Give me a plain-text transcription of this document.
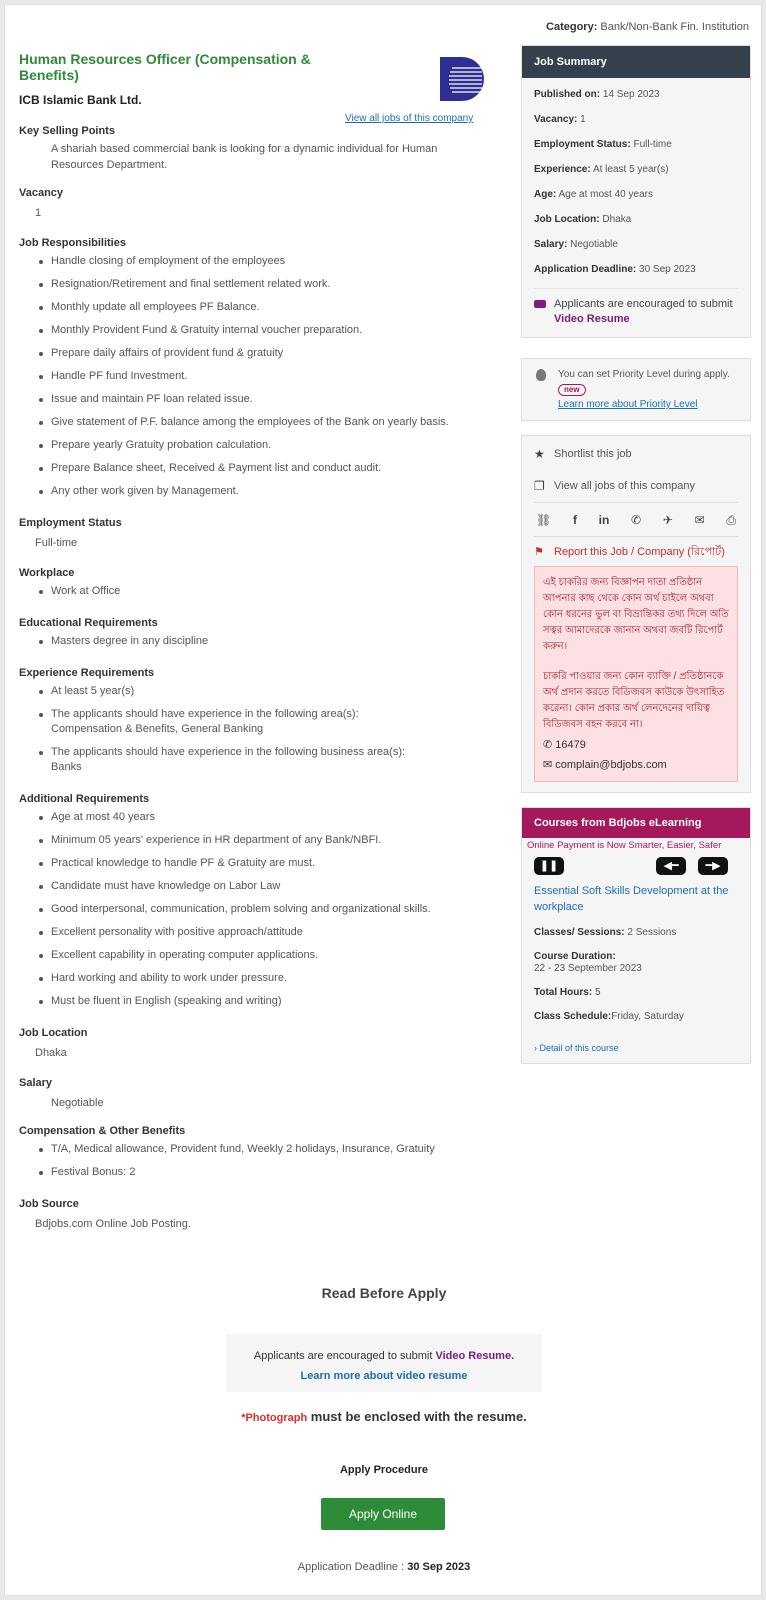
Category: Bank/Non-Bank Fin. Institution
Human Resources Officer (Compensation & Benefits)
ICB Islamic Bank Ltd.
View all jobs of this company
Key Selling Points
A shariah based commercial bank is looking for a dynamic individual for Human Resources Department.
Vacancy
1
Job Responsibilities
Handle closing of employment of the employees
Resignation/Retirement and final settlement related work.
Monthly update all employees PF Balance.
Monthly Provident Fund & Gratuity internal voucher preparation.
Prepare daily affairs of provident fund & gratuity
Handle PF fund Investment.
Issue and maintain PF loan related issue.
Give statement of P.F. balance among the employees of the Bank on yearly basis.
Prepare yearly Gratuity probation calculation.
Prepare Balance sheet, Received & Payment list and conduct audit.
Any other work given by Management.
Employment Status
Full-time
Workplace
Work at Office
Educational Requirements
Masters degree in any discipline
Experience Requirements
At least 5 year(s)
The applicants should have experience in the following area(s):
Compensation & Benefits, General Banking
The applicants should have experience in the following business area(s):
Banks
Additional Requirements
Age at most 40 years
Minimum 05 years' experience in HR department of any Bank/NBFI.
Practical knowledge to handle PF & Gratuity are must.
Candidate must have knowledge on Labor Law
Good interpersonal, communication, problem solving and organizational skills.
Excellent personality with positive approach/attitude
Excellent capability in operating computer applications.
Hard working and ability to work under pressure.
Must be fluent in English (speaking and writing)
Job Location
Dhaka
Salary
Negotiable
Compensation & Other Benefits
T/A, Medical allowance, Provident fund, Weekly 2 holidays, Insurance, Gratuity
Festival Bonus: 2
Job Source
Bdjobs.com Online Job Posting.
Job Summary
Published on: 14 Sep 2023
Vacancy: 1
Employment Status: Full-time
Experience: At least 5 year(s)
Age: Age at most 40 years
Job Location: Dhaka
Salary: Negotiable
Application Deadline: 30 Sep 2023
Applicants are encouraged to submit Video Resume
You can set Priority Level during apply. new
Learn more about Priority Level
★ Shortlist this job
❐ View all jobs of this company
⛓ f in ✆ ✈ ✉ ⎙
⚑ Report this Job / Company (রিপোর্ট)
এই চাকরির জন্য বিজ্ঞাপন দাতা প্রতিষ্ঠান আপনার কাছ থেকে কোন অর্থ চাইলে অথবা কোন ধরনের ভুল বা বিভ্রান্তিকর তথ্য দিলে অতি সত্বর আমাদেরকে জানান অথবা জবটি রিপোর্ট করুন।
চাকরি পাওয়ার জন্য কোন ব্যাক্তি / প্রতিষ্ঠানকে অর্থ প্রদান করতে বিডিজবস কাউকে উৎসাহিত করেনা। কোন প্রকার অর্থ লেনদেনের দায়িত্ব বিডিজবস বহন করবে না।
✆ 16479
✉ complain@bdjobs.com
Courses from Bdjobs eLearning
Online Payment is Now Smarter, Easier, Safer
❚❚	◀━	━▶
Essential Soft Skills Development at the workplace
Classes/ Sessions: 2 Sessions
Course Duration:
22 - 23 September 2023
Total Hours: 5
Class Schedule:Friday, Saturday
› Detail of this course
Read Before Apply
Applicants are encouraged to submit Video Resume.
Learn more about video resume
*Photograph must be enclosed with the resume.
Apply Procedure
Apply Online
Application Deadline : 30 Sep 2023
